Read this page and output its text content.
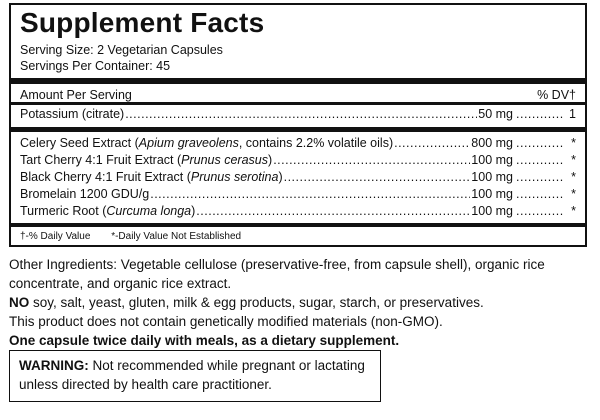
Supplement Facts
Serving Size: 2 Vegetarian Capsules
Servings Per Container: 45
Amount Per Serving	% DV†
Potassium (citrate) .....	50 mg .....	1
Celery Seed Extract (Apium graveolens, contains 2.2% volatile oils) .....	800 mg .....	*
Tart Cherry 4:1 Fruit Extract (Prunus cerasus) .....	100 mg .....	*
Black Cherry 4:1 Fruit Extract (Prunus serotina) .....	100 mg .....	*
Bromelain 1200 GDU/g .....	100 mg .....	*
Turmeric Root (Curcuma longa) .....	100 mg .....	*
†-% Daily Value *-Daily Value Not Established
Other Ingredients: Vegetable cellulose (preservative-free, from capsule shell), organic rice
concentrate, and organic rice extract.
NO soy, salt, yeast, gluten, milk & egg products, sugar, starch, or preservatives.
This product does not contain genetically modified materials (non-GMO).
One capsule twice daily with meals, as a dietary supplement.
WARNING: Not recommended while pregnant or lactating
unless directed by health care practitioner.
